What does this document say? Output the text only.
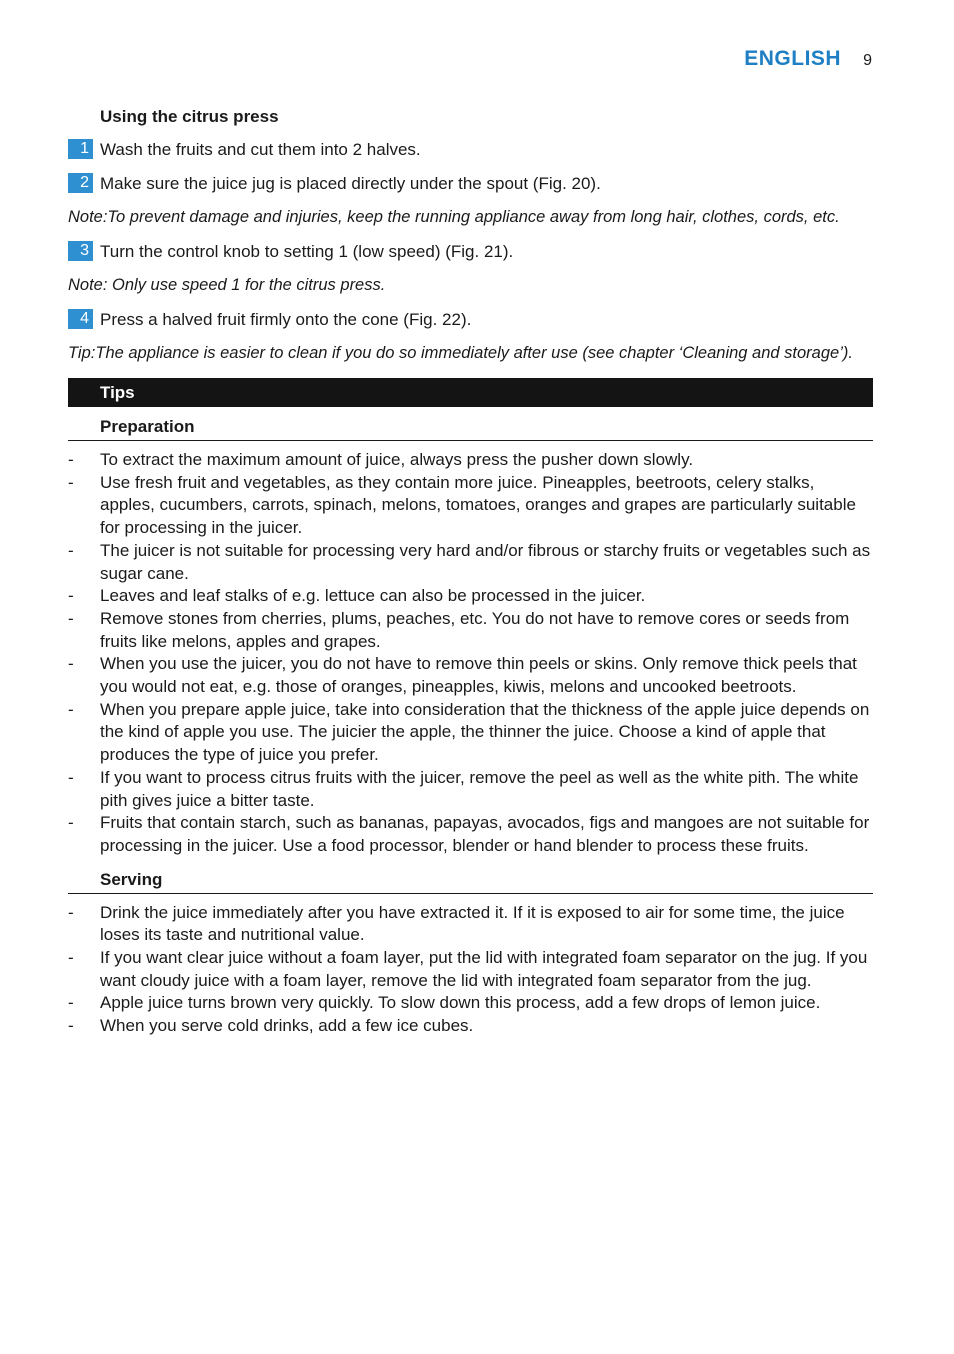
ENGLISH 9
Using the citrus press
1 Wash the fruits and cut them into 2 halves.
2 Make sure the juice jug is placed directly under the spout (Fig. 20).
Note:To prevent damage and injuries, keep the running appliance away from long hair, clothes, cords, etc.
3 Turn the control knob to setting 1 (low speed) (Fig. 21).
Note: Only use speed 1 for the citrus press.
4 Press a halved fruit firmly onto the cone (Fig. 22).
Tip:The appliance is easier to clean if you do so immediately after use (see chapter ‘Cleaning and storage’).
Tips
Preparation
-	To extract the maximum amount of juice, always press the pusher down slowly.
-	Use fresh fruit and vegetables, as they contain more juice. Pineapples, beetroots, celery stalks, apples, cucumbers, carrots, spinach, melons, tomatoes, oranges and grapes are particularly suitable for processing in the juicer.
-	The juicer is not suitable for processing very hard and/or fibrous or starchy fruits or vegetables such as sugar cane.
-	Leaves and leaf stalks of e.g. lettuce can also be processed in the juicer.
-	Remove stones from cherries, plums, peaches, etc. You do not have to remove cores or seeds from fruits like melons, apples and grapes.
-	When you use the juicer, you do not have to remove thin peels or skins. Only remove thick peels that you would not eat, e.g. those of oranges, pineapples, kiwis, melons and uncooked beetroots.
-	When you prepare apple juice, take into consideration that the thickness of the apple juice depends on the kind of apple you use. The juicier the apple, the thinner the juice. Choose a kind of apple that produces the type of juice you prefer.
-	If you want to process citrus fruits with the juicer, remove the peel as well as the white pith. The white pith gives juice a bitter taste.
-	Fruits that contain starch, such as bananas, papayas, avocados, figs and mangoes are not suitable for processing in the juicer. Use a food processor, blender or hand blender to process these fruits.
Serving
-	Drink the juice immediately after you have extracted it. If it is exposed to air for some time, the juice loses its taste and nutritional value.
-	If you want clear juice without a foam layer, put the lid with integrated foam separator on the jug. If you want cloudy juice with a foam layer, remove the lid with integrated foam separator from the jug.
-	Apple juice turns brown very quickly. To slow down this process, add a few drops of lemon juice.
-	When you serve cold drinks, add a few ice cubes.
